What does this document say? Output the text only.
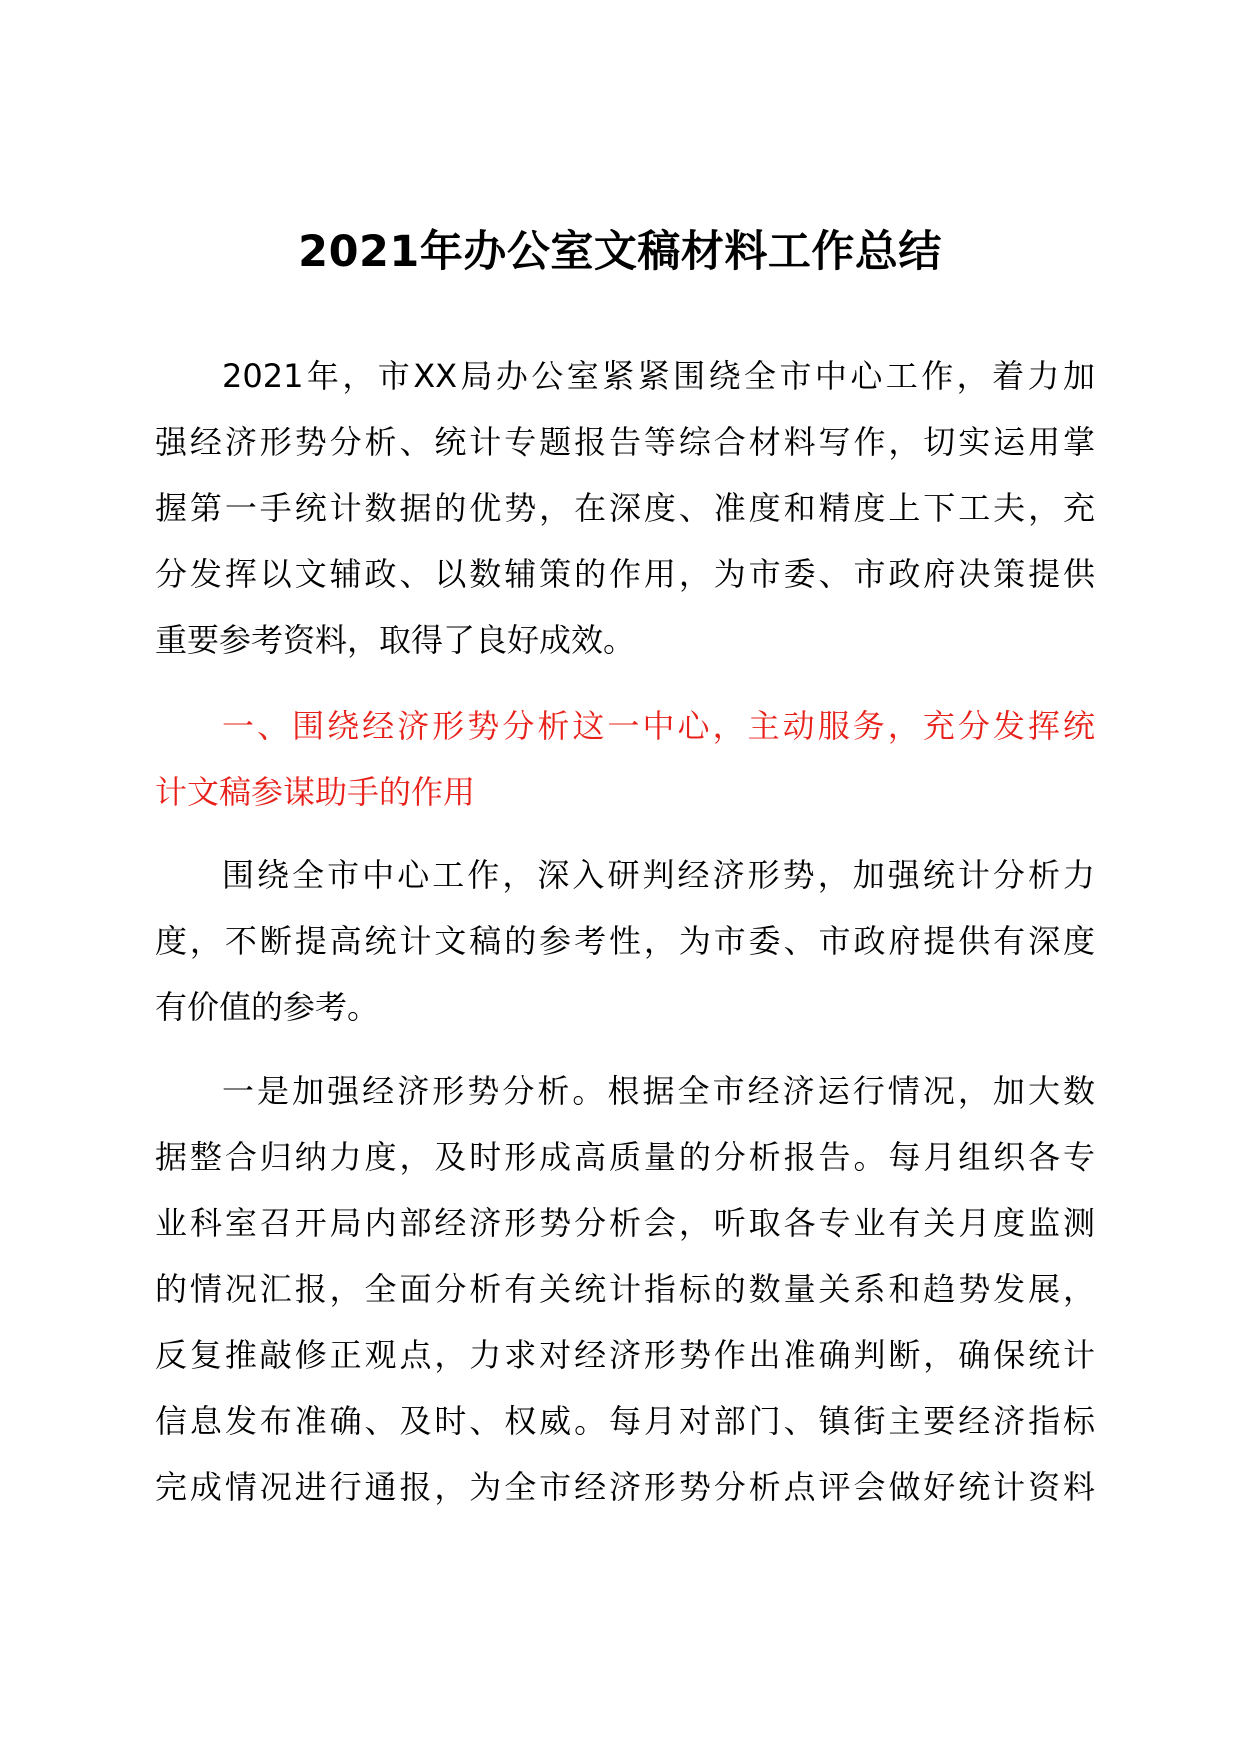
2021年办公室文稿材料工作总结

2021年，市XX局办公室紧紧围绕全市中心工作，着力加
强经济形势分析、统计专题报告等综合材料写作，切实运用掌
握第一手统计数据的优势，在深度、准度和精度上下工夫，充
分发挥以文辅政、以数辅策的作用，为市委、市政府决策提供
重要参考资料，取得了良好成效。

一、围绕经济形势分析这一中心，主动服务，充分发挥统
计文稿参谋助手的作用

围绕全市中心工作，深入研判经济形势，加强统计分析力
度，不断提高统计文稿的参考性，为市委、市政府提供有深度
有价值的参考。

一是加强经济形势分析。根据全市经济运行情况，加大数
据整合归纳力度，及时形成高质量的分析报告。每月组织各专
业科室召开局内部经济形势分析会，听取各专业有关月度监测
的情况汇报，全面分析有关统计指标的数量关系和趋势发展，
反复推敲修正观点，力求对经济形势作出准确判断，确保统计
信息发布准确、及时、权威。每月对部门、镇街主要经济指标
完成情况进行通报，为全市经济形势分析点评会做好统计资料
